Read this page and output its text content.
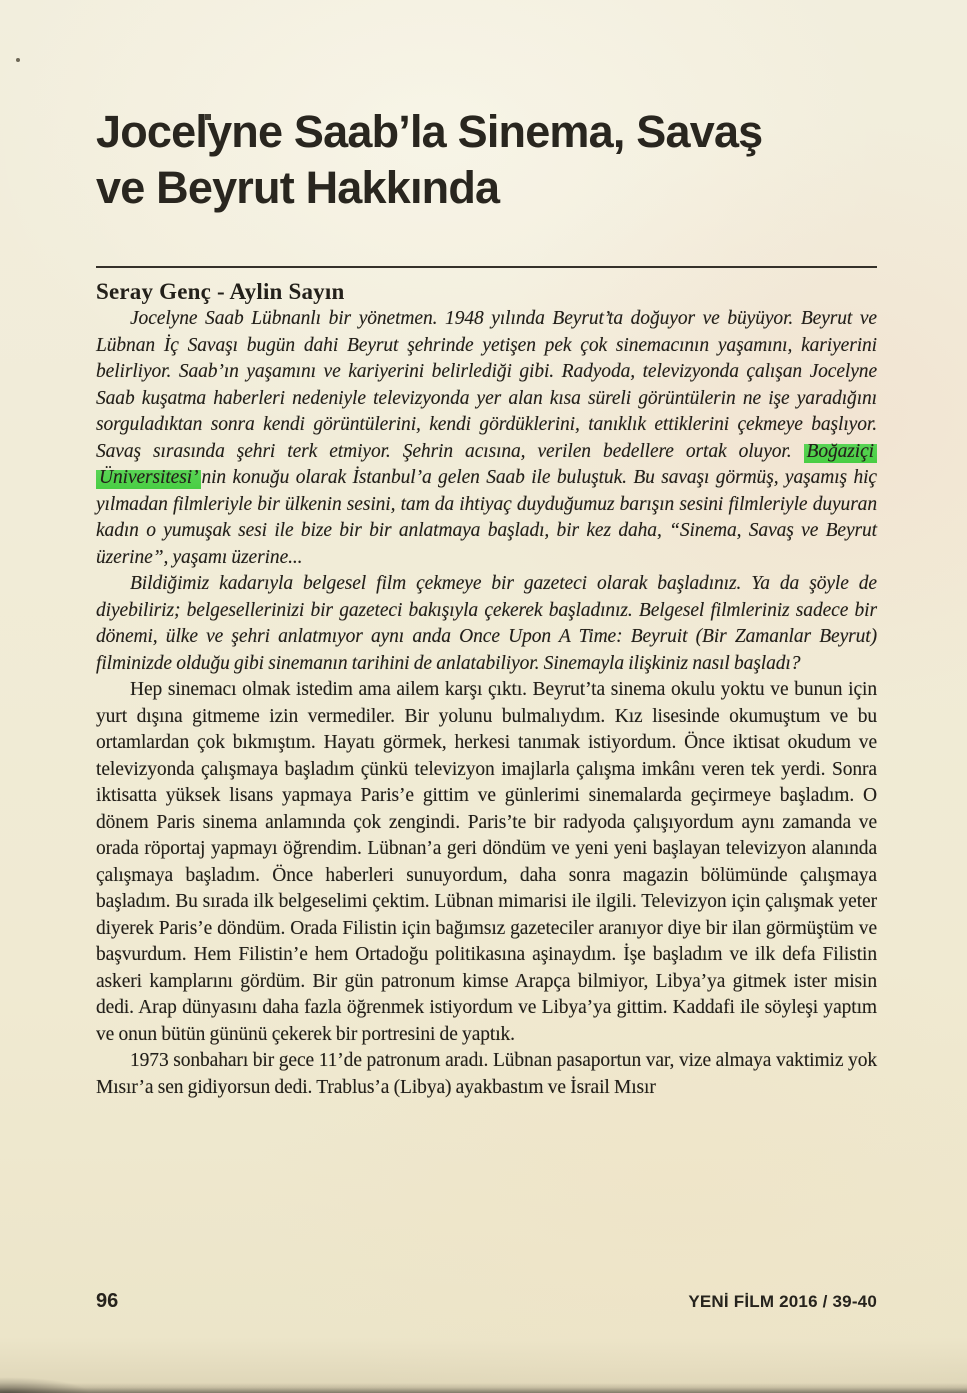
Jocelyne Saab’la Sinema, Savaş
ve Beyrut Hakkında
Seray Genç - Aylin Sayın

Jocelyne Saab Lübnanlı bir yönetmen. 1948 yılında Beyrut’ta doğuyor ve büyüyor. Beyrut ve Lübnan İç Savaşı bugün dahi Beyrut şehrinde yetişen pek çok sinemacının yaşamını, kariyerini belirliyor. Saab’ın yaşamını ve kariyerini belirlediği gibi. Radyoda, televizyonda çalışan Jocelyne Saab kuşatma haberleri nedeniyle televizyonda yer alan kısa süreli görüntülerin ne işe yaradığını sorguladıktan sonra kendi görüntülerini, kendi gördüklerini, tanıklık ettiklerini çekmeye başlıyor. Savaş sırasında şehri terk etmiyor. Şehrin acısına, verilen bedellere ortak oluyor. Boğaziçi Üniversitesi’ nin konuğu olarak İstanbul’a gelen Saab ile buluştuk. Bu savaşı görmüş, yaşamış hiç yılmadan filmleriyle bir ülkenin sesini, tam da ihtiyaç duyduğumuz barışın sesini filmleriyle duyuran kadın o yumuşak sesi ile bize bir bir anlatmaya başladı, bir kez daha, “Sinema, Savaş ve Beyrut üzerine”, yaşamı üzerine...

Bildiğimiz kadarıyla belgesel film çekmeye bir gazeteci olarak başladınız. Ya da şöyle de diyebiliriz; belgesellerinizi bir gazeteci bakışıyla çekerek başladınız. Belgesel filmleriniz sadece bir dönemi, ülke ve şehri anlatmıyor aynı anda Once Upon A Time: Beyruit (Bir Zamanlar Beyrut) filminizde olduğu gibi sinemanın tarihini de anlatabiliyor. Sinemayla ilişkiniz nasıl başladı?

Hep sinemacı olmak istedim ama ailem karşı çıktı. Beyrut’ta sinema okulu yoktu ve bunun için yurt dışına gitmeme izin vermediler. Bir yolunu bulmalıydım. Kız lisesinde okumuştum ve bu ortamlardan çok bıkmıştım. Hayatı görmek, herkesi tanımak istiyordum. Önce iktisat okudum ve televizyonda çalışmaya başladım çünkü televizyon imajlarla çalışma imkânı veren tek yerdi. Sonra iktisatta yüksek lisans yapmaya Paris’e gittim ve günlerimi sinemalarda geçirmeye başladım. O dönem Paris sinema anlamında çok zengindi. Paris’te bir radyoda çalışıyordum aynı zamanda ve orada röportaj yapmayı öğrendim. Lübnan’a geri döndüm ve yeni yeni başlayan televizyon alanında çalışmaya başladım. Önce haberleri sunuyordum, daha sonra magazin bölümünde çalışmaya başladım. Bu sırada ilk belgeselimi çektim. Lübnan mimarisi ile ilgili. Televizyon için çalışmak yeter diyerek Paris’e döndüm. Orada Filistin için bağımsız gazeteciler aranıyor diye bir ilan görmüştüm ve başvurdum. Hem Filistin’e hem Ortadoğu politikasına aşinaydım. İşe başladım ve ilk defa Filistin askeri kamplarını gördüm. Bir gün patronum kimse Arapça bilmiyor, Libya’ya gitmek ister misin dedi. Arap dünyasını daha fazla öğrenmek istiyordum ve Libya’ya gittim. Kaddafi ile söyleşi yaptım ve onun bütün gününü çekerek bir portresini de yaptık.

1973 sonbaharı bir gece 11’de patronum aradı. Lübnan pasaportun var, vize almaya vaktimiz yok Mısır’a sen gidiyorsun dedi. Trablus’a (Libya) ayakbastım ve İsrail Mısır

96	YENİ FİLM 2016 / 39-40
